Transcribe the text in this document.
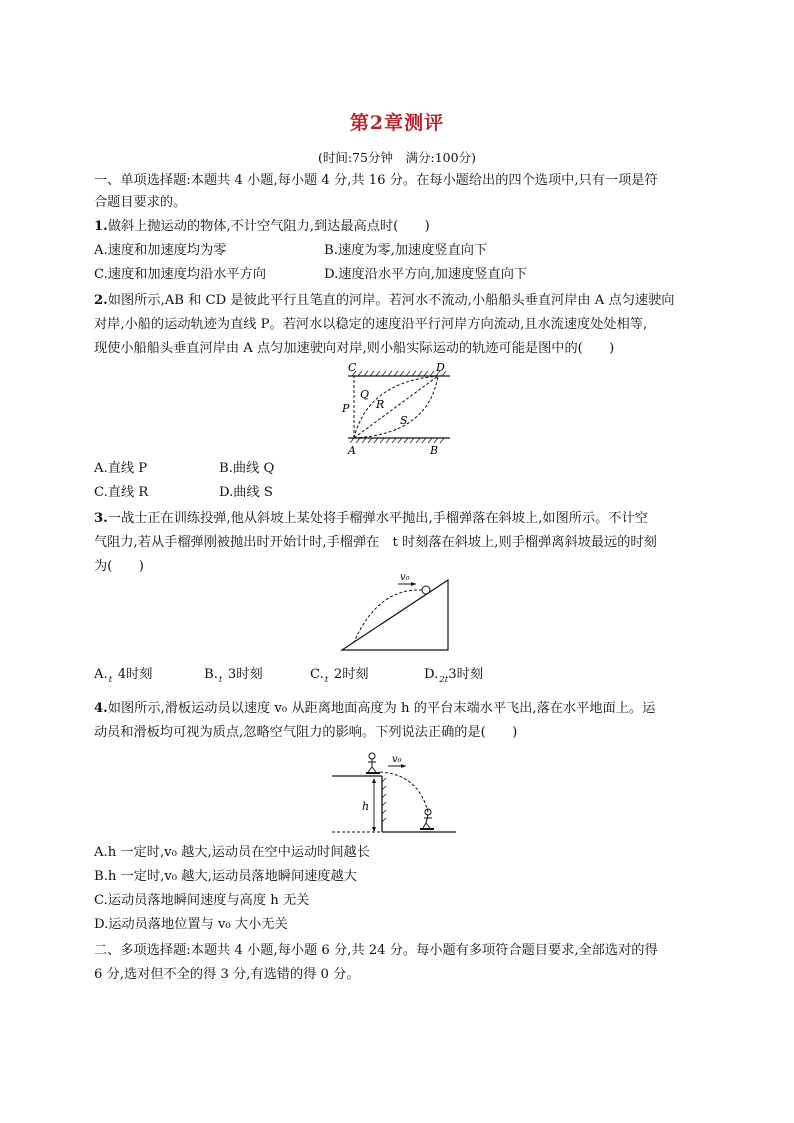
第2章测评
(时间:75分钟　满分:100分)
一、单项选择题:本题共 4 小题,每小题 4 分,共 16 分。在每小题给出的四个选项中,只有一项是符
合题目要求的。
1.做斜上抛运动的物体,不计空气阻力,到达最高点时(　　)
A.速度和加速度均为零	B.速度为零,加速度竖直向下
C.速度和加速度均沿水平方向	D.速度沿水平方向,加速度竖直向下
2.如图所示,AB 和 CD 是彼此平行且笔直的河岸。若河水不流动,小船船头垂直河岸由 A 点匀速驶向
对岸,小船的运动轨迹为直线 P。若河水以稳定的速度沿平行河岸方向流动,且水流速度处处相等,
现使小船船头垂直河岸由 A 点匀加速驶向对岸,则小船实际运动的轨迹可能是图中的(　　)
C	D
A	B
P
Q
R
S
A.直线 P	B.曲线 Q
C.直线 R	D.曲线 S
3.一战士正在训练投弹,他从斜坡上某处将手榴弹水平抛出,手榴弹落在斜坡上,如图所示。不计空
气阻力,若从手榴弹刚被抛出时开始计时,手榴弹在　t 时刻落在斜坡上,则手榴弹离斜坡最远的时刻
为(　　)
v₀
A. t 4时刻	B. t 3时刻	C. t 2时刻	D. 2t 3时刻
4.如图所示,滑板运动员以速度 v₀ 从距离地面高度为 h 的平台末端水平飞出,落在水平地面上。运
动员和滑板均可视为质点,忽略空气阻力的影响。下列说法正确的是(　　)
h
v₀
A.h 一定时,v₀ 越大,运动员在空中运动时间越长
B.h 一定时,v₀ 越大,运动员落地瞬间速度越大
C.运动员落地瞬间速度与高度 h 无关
D.运动员落地位置与 v₀ 大小无关
二、多项选择题:本题共 4 小题,每小题 6 分,共 24 分。每小题有多项符合题目要求,全部选对的得
6 分,选对但不全的得 3 分,有选错的得 0 分。
